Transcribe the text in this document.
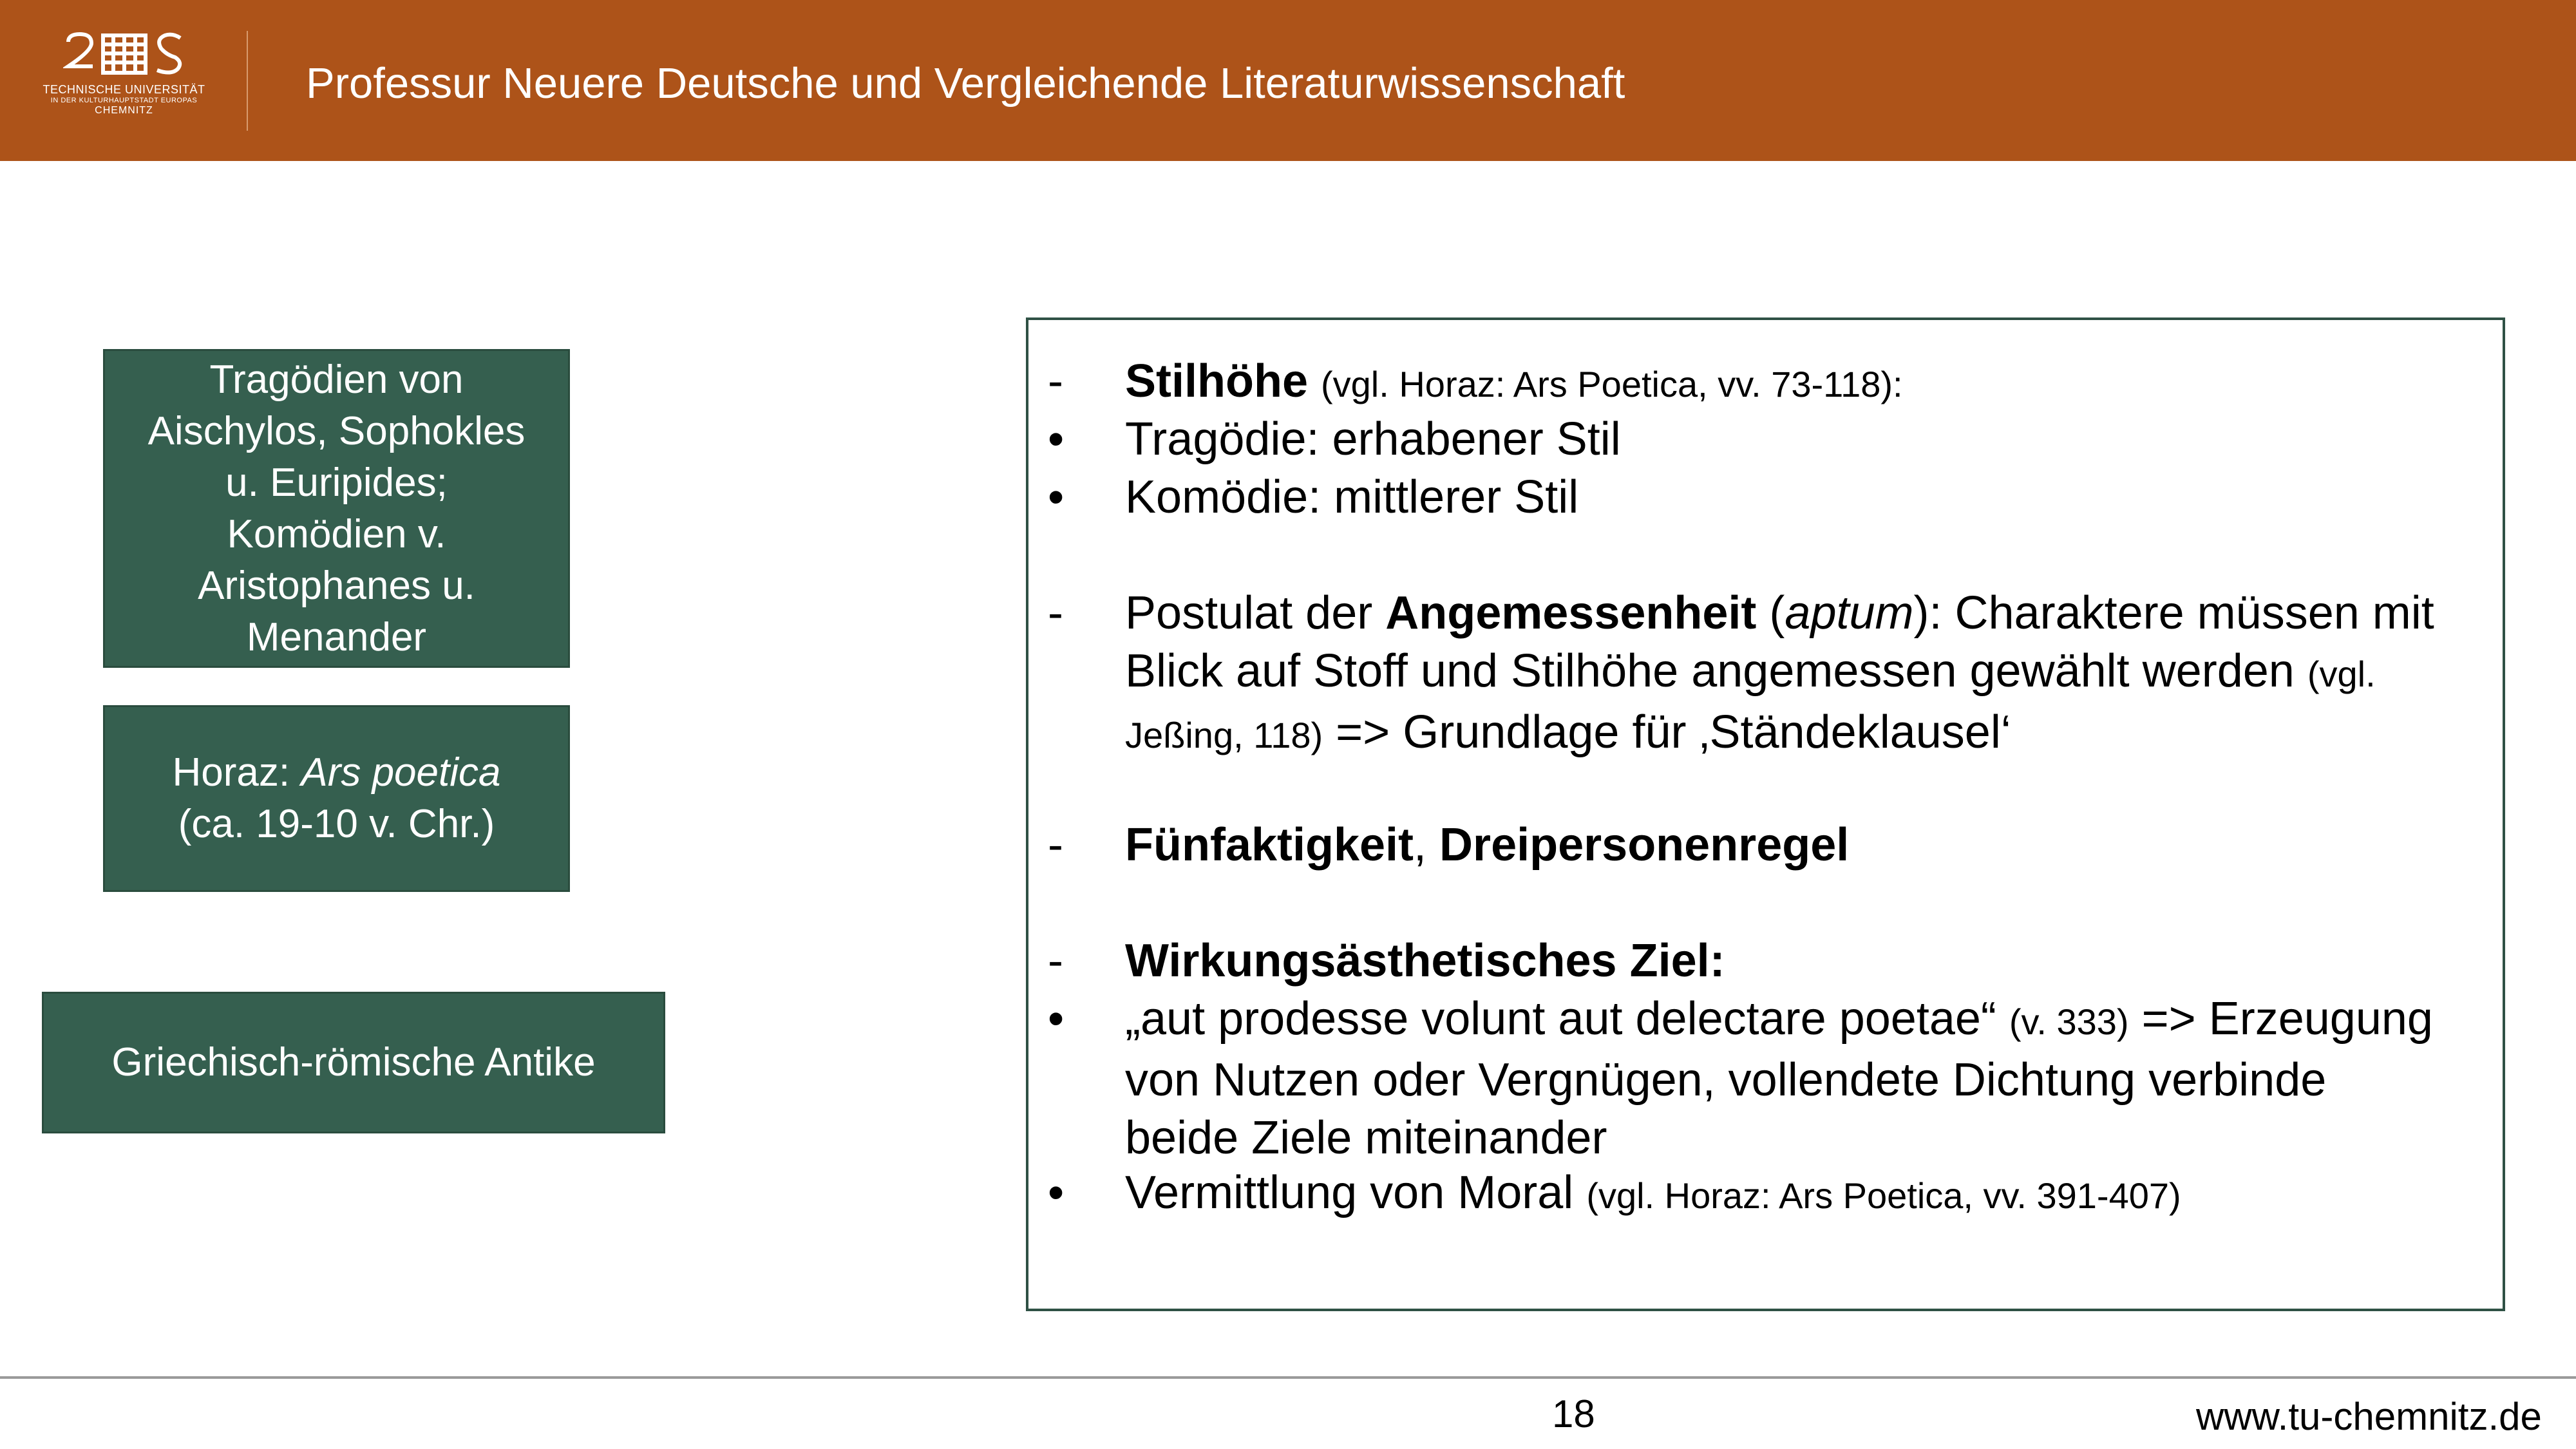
TECHNISCHE UNIVERSITÄT
IN DER KULTURHAUPTSTADT EUROPAS
CHEMNITZ
Professur Neuere Deutsche und Vergleichende Literaturwissenschaft
Tragödien von
Aischylos, Sophokles
u. Euripides;
Komödien v.
Aristophanes u.
Menander
Horaz: Ars poetica
(ca. 19-10 v. Chr.)
Griechisch-römische Antike
-	Stilhöhe (vgl. Horaz: Ars Poetica, vv. 73-118):
•	Tragödie: erhabener Stil
•	Komödie: mittlerer Stil
-	Postulat der Angemessenheit (aptum): Charaktere müssen mit
Blick auf Stoff und Stilhöhe angemessen gewählt werden (vgl.
Jeßing, 118) => Grundlage für ‚Ständeklausel‘
-	Fünfaktigkeit, Dreipersonenregel
-	Wirkungsästhetisches Ziel:
•	„aut prodesse volunt aut delectare poetae“ (v. 333) => Erzeugung
von Nutzen oder Vergnügen, vollendete Dichtung verbinde
beide Ziele miteinander
•	Vermittlung von Moral (vgl. Horaz: Ars Poetica, vv. 391-407)
18	www.tu-chemnitz.de
